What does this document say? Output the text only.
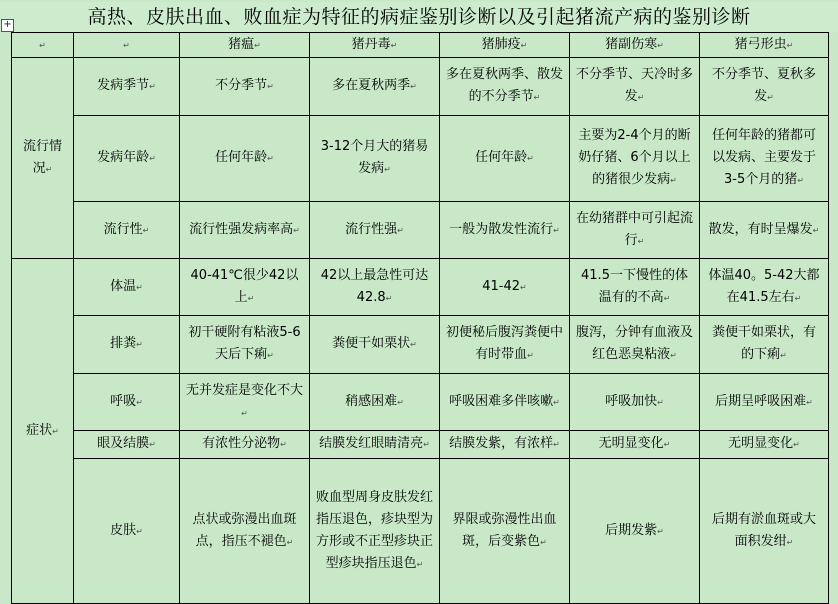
高热、皮肤出血、败血症为特征的病症鉴别诊断以及引起猪流产病的鉴别诊断
+
↵	↵	猪瘟↵	猪丹毒↵	猪肺疫↵	猪副伤寒↵	猪弓形虫↵
流行情况↵	发病季节↵	不分季节↵	多在夏秋两季↵	多在夏秋两季、散发的不分季节↵	不分季节、天冷时多发↵	不分季节、夏秋多发↵
	发病年龄↵	任何年龄↵	3-12个月大的猪易发病↵	任何年龄↵	主要为2-4个月的断奶仔猪、6个月以上的猪很少发病↵	任何年龄的猪都可以发病、主要发于3-5个月的猪↵
	流行性↵	流行性强发病率高↵	流行性强↵	一般为散发性流行↵	在幼猪群中可引起流行↵	散发，有时呈爆发↵
症状↵	体温↵	40-41℃很少42以上↵	42以上最急性可达42.8↵	41-42↵	41.5一下慢性的体温有的不高↵	体温40。5-42大都在41.5左右↵
	排粪↵	初干硬附有粘液5-6天后下痢↵	粪便干如栗状↵	初便秘后腹泻粪便中有时带血↵	腹泻，分钟有血液及红色恶臭粘液↵	粪便干如栗状，有的下痢↵
	呼吸↵	无并发症是变化不大↵	稍感困难↵	呼吸困难多伴咳嗽↵	呼吸加快↵	后期呈呼吸困难↵
	眼及结膜↵	有浓性分泌物↵	结膜发红眼睛清亮↵	结膜发紫，有浓样↵	无明显变化↵	无明显变化↵
	皮肤↵	点状或弥漫出血斑点，指压不褪色↵	败血型周身皮肤发红指压退色，疹块型为方形或不正型疹块正型疹块指压退色↵	界限或弥漫性出血斑，后变紫色↵	后期发紫↵	后期有淤血斑或大面积发绀↵
